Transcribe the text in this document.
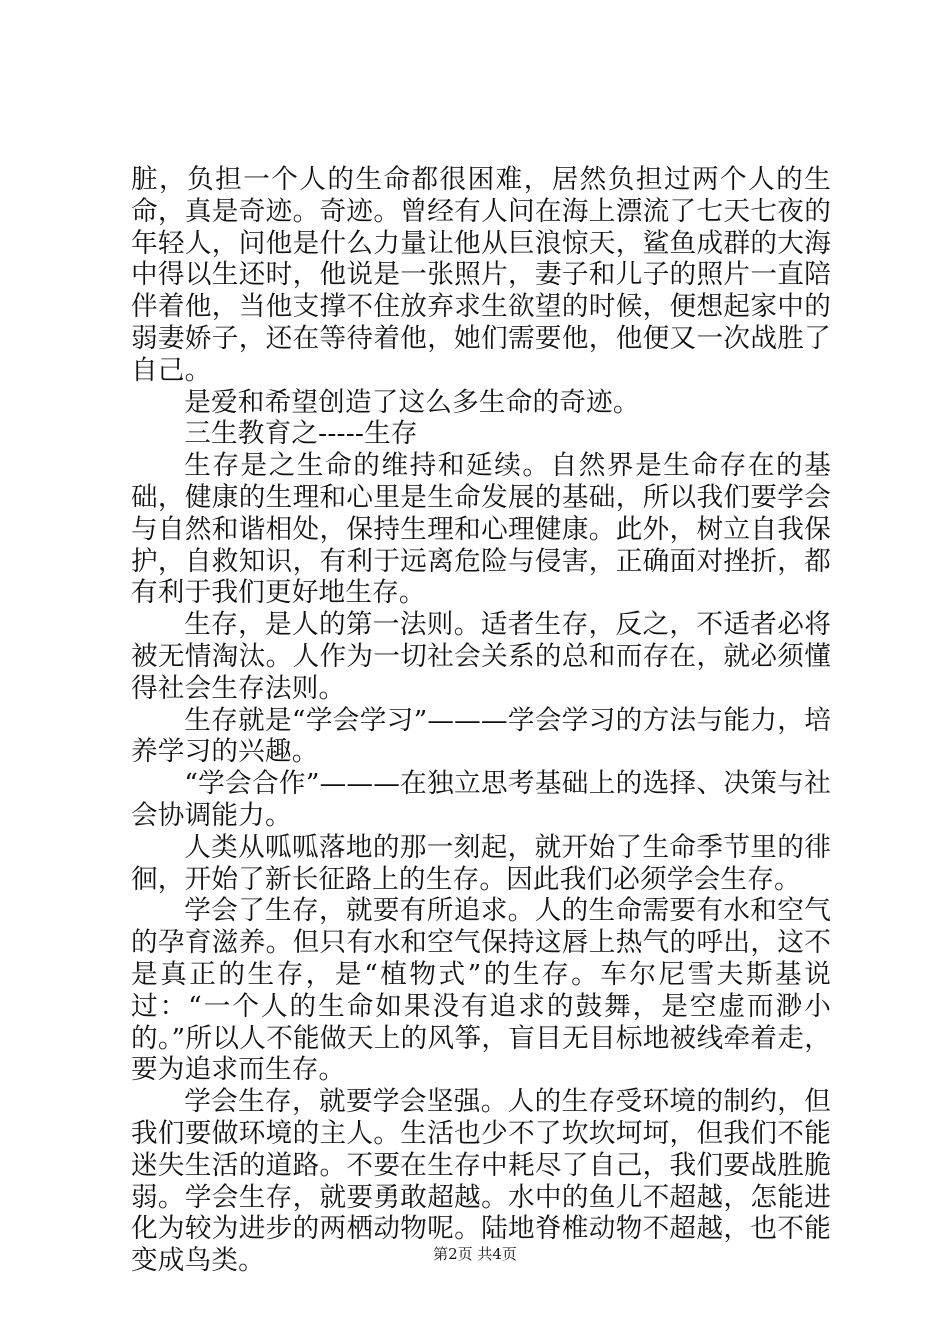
脏，负担一个人的生命都很困难，居然负担过两个人的生命，真是奇迹。奇迹。曾经有人问在海上漂流了七天七夜的年轻人，问他是什么力量让他从巨浪惊天，鲨鱼成群的大海中得以生还时，他说是一张照片，妻子和儿子的照片一直陪伴着他，当他支撑不住放弃求生欲望的时候，便想起家中的弱妻娇子，还在等待着他，她们需要他，他便又一次战胜了自己。

是爱和希望创造了这么多生命的奇迹。

三生教育之-----生存

生存是之生命的维持和延续。自然界是生命存在的基础，健康的生理和心里是生命发展的基础，所以我们要学会与自然和谐相处，保持生理和心理健康。此外，树立自我保护，自救知识，有利于远离危险与侵害，正确面对挫折，都有利于我们更好地生存。

生存，是人的第一法则。适者生存，反之，不适者必将被无情淘汰。人作为一切社会关系的总和而存在，就必须懂得社会生存法则。

生存就是“学会学习”———学会学习的方法与能力，培养学习的兴趣。

“学会合作”———在独立思考基础上的选择、决策与社会协调能力。

人类从呱呱落地的那一刻起，就开始了生命季节里的徘徊，开始了新长征路上的生存。因此我们必须学会生存。

学会了生存，就要有所追求。人的生命需要有水和空气的孕育滋养。但只有水和空气保持这唇上热气的呼出，这不是真正的生存，是“植物式”的生存。车尔尼雪夫斯基说过：“一个人的生命如果没有追求的鼓舞，是空虚而渺小的。”所以人不能做天上的风筝，盲目无目标地被线牵着走，要为追求而生存。

学会生存，就要学会坚强。人的生存受环境的制约，但我们要做环境的主人。生活也少不了坎坎坷坷，但我们不能迷失生活的道路。不要在生存中耗尽了自己，我们要战胜脆弱。学会生存，就要勇敢超越。水中的鱼儿不超越，怎能进化为较为进步的两栖动物呢。陆地脊椎动物不超越，也不能变成鸟类。	第2页 共4页
